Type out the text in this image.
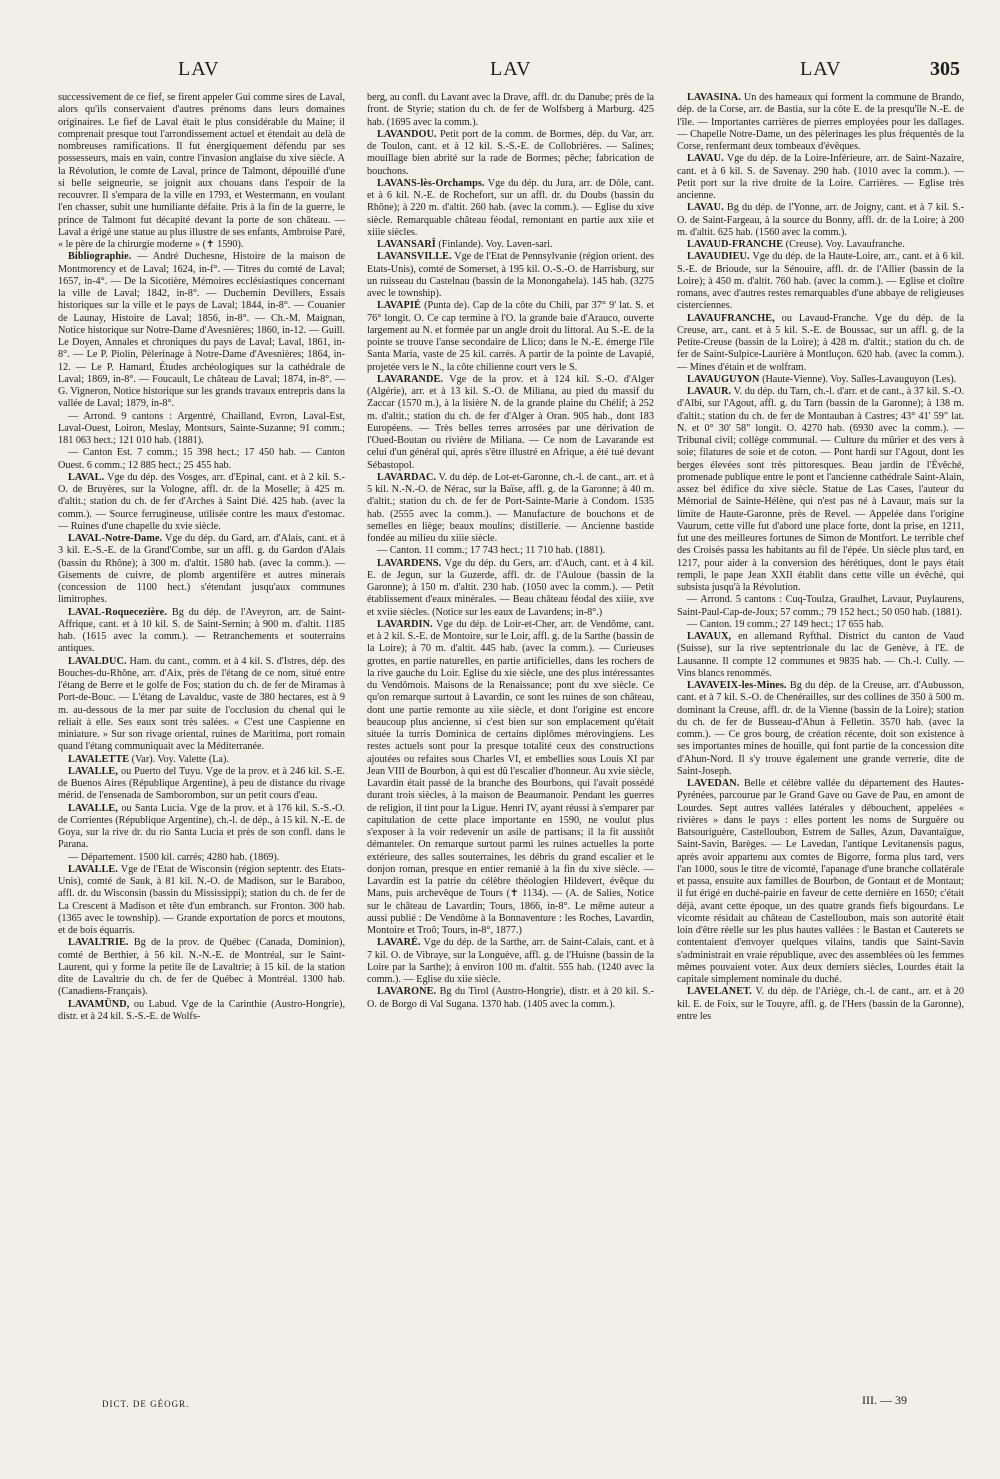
LAV	LAV	LAV	305

successivement de ce fief, se firent appeler Gui comme sires de Laval, alors qu'ils conservaient d'autres prénoms dans leurs domaines originaires. Le fief de Laval était le plus considérable du Maine; il comprenait presque tout l'arrondissement actuel et étendait au delà de nombreuses ramifications. Il fut énergiquement défendu par ses possesseurs, mais en vain, contre l'invasion anglaise du xive siècle. A la Révolution, le comte de Laval, prince de Talmont, dépouillé d'une si belle seigneurie, se joignit aux chouans dans l'espoir de la recouvrer. Il s'empara de la ville en 1793, et Westermann, en voulant l'en chasser, subit une humiliante défaite. Pris à la fin de la guerre, le prince de Talmont fut décapité devant la porte de son château. — Laval a érigé une statue au plus illustre de ses enfants, Ambroise Paré, « le père de la chirurgie moderne » (✝ 1590).

Bibliographie. — André Duchesne, Histoire de la maison de Montmorency et de Laval; 1624, in-f°. — Titres du comté de Laval; 1657, in-4°. — De la Sicotière, Mémoires ecclésiastiques concernant la ville de Laval; 1842, in-8°. — Duchemin Devillers, Essais historiques sur la ville et le pays de Laval; 1844, in-8°. — Couanier de Launay, Histoire de Laval; 1856, in-8°. — Ch.-M. Maignan, Notice historique sur Notre-Dame d'Avesnières; 1860, in-12. — Guill. Le Doyen, Annales et chroniques du pays de Laval; Laval, 1861, in-8°. — Le P. Piolin, Pèlerinage à Notre-Dame d'Avesnières; 1864, in-12. — Le P. Hamard, Études archéologiques sur la cathédrale de Laval; 1869, in-8°. — Foucault, Le château de Laval; 1874, in-8°. — G. Vigneron, Notice historique sur les grands travaux entrepris dans la vallée de Laval; 1879, in-8°.

— Arrond. 9 cantons : Argentré, Chailland, Evron, Laval-Est, Laval-Ouest, Loiron, Meslay, Montsurs, Sainte-Suzanne; 91 comm.; 181 063 hect.; 121 010 hab. (1881).

— Canton Est. 7 comm.; 15 398 hect.; 17 450 hab. — Canton Ouest. 6 comm.; 12 885 hect.; 25 455 hab.

LAVAL. Vge du dép. des Vosges, arr. d'Epinal, cant. et à 2 kil. S.-O. de Bruyères, sur la Vologne, affl. dr. de la Moselle; à 425 m. d'altit.; station du ch. de fer d'Arches à Saint Dié. 425 hab. (avec la comm.). — Source ferrugineuse, utilisée contre les maux d'estomac. — Ruines d'une chapelle du xvie siècle.

LAVAL-Notre-Dame. Vge du dép. du Gard, arr. d'Alais, cant. et à 3 kil. E.-S.-E. de la Grand'Combe, sur un affl. g. du Gardon d'Alais (bassin du Rhône); à 300 m. d'altit. 1580 hab. (avec la comm.). — Gisements de cuivre, de plomb argentifère et autres minerais (concession de 1100 hect.) s'étendant jusqu'aux communes limitrophes.

LAVAL-Roquecezière. Bg du dép. de l'Aveyron, arr. de Saint-Affrique, cant. et à 10 kil. S. de Saint-Sernin; à 900 m. d'altit. 1185 hab. (1615 avec la comm.). — Retranchements et souterrains antiques.

LAVALDUC. Ham. du cant., comm. et à 4 kil. S. d'Istres, dép. des Bouches-du-Rhône, arr. d'Aix, près de l'étang de ce nom, situé entre l'étang de Berre et le golfe de Fos; station du ch. de fer de Miramas à Port-de-Bouc. — L'étang de Lavalduc, vaste de 380 hectares, est à 9 m. au-dessous de la mer par suite de l'occlusion du chenal qui le reliait à elle. Ses eaux sont très salées. « C'est une Caspienne en miniature. » Sur son rivage oriental, ruines de Maritima, port romain quand l'étang communiquait avec la Méditerranée.

LAVALETTE (Var). Voy. Valette (La).

LAVALLE, ou Puerto del Tuyu. Vge de la prov. et à 246 kil. S.-E. de Buenos Aires (République Argentine), à peu de distance du rivage mérid. de l'ensenada de Samborombon, sur un petit cours d'eau.

LAVALLE, ou Santa Lucia. Vge de la prov. et à 176 kil. S.-S.-O. de Corrientes (République Argentine), ch.-l. de dép., à 15 kil. N.-E. de Goya, sur la rive dr. du rio Santa Lucia et près de son confl. dans le Parana.

— Département. 1500 kil. carrés; 4280 hab. (1869).

LAVALLE. Vge de l'Etat de Wisconsin (région septentr. des Etats-Unis), comté de Sauk, à 81 kil. N.-O. de Madison, sur le Baraboo, affl. dr. du Wisconsin (bassin du Mississippi); station du ch. de fer de La Crescent à Madison et tête d'un embranch. sur Fronton. 300 hab. (1365 avec le township). — Grande exportation de porcs et moutons, et de bois équarris.

LAVALTRIE. Bg de la prov. de Québec (Canada, Dominion), comté de Berthier, à 56 kil. N.-N.-E. de Montréal, sur le Saint-Laurent, qui y forme la petite île de Lavaltrie; à 15 kil. de la station dite de Lavaltrie du ch. de fer de Québec à Montréal. 1300 hab. (Canadiens-Français).

LAVAMÜND, ou Labud. Vge de la Carinthie (Austro-Hongrie), distr. et à 24 kil. S.-S.-E. de Wolfs-

berg, au confl. du Lavant avec la Drave, affl. dr. du Danube; près de la front. de Styrie; station du ch. de fer de Wolfsberg à Marburg. 425 hab. (1695 avec la comm.).

LAVANDOU. Petit port de la comm. de Bormes, dép. du Var, arr. de Toulon, cant. et à 12 kil. S.-S.-E. de Collobrières. — Salines; mouillage bien abrité sur la rade de Bormes; pêche; fabrication de bouchons.

LAVANS-lès-Orchamps. Vge du dép. du Jura, arr. de Dôle, cant. et à 6 kil. N.-E. de Rochefort, sur un affl. dr. du Doubs (bassin du Rhône); à 220 m. d'altit. 260 hab. (avec la comm.). — Eglise du xive siècle. Remarquable château féodal, remontant en partie aux xiie et xiiie siècles.

LAVANSARÎ (Finlande). Voy. Laven-sari.

LAVANSVILLE. Vge de l'Etat de Pennsylvanie (région orient. des Etats-Unis), comté de Somerset, à 195 kil. O.-S.-O. de Harrisburg, sur un ruisseau du Castelnau (bassin de la Monongahela). 145 hab. (3275 avec le township).

LAVAPIÉ (Punta de). Cap de la côte du Chili, par 37° 9' lat. S. et 76° longit. O. Ce cap termine à l'O. la grande baie d'Arauco, ouverte largement au N. et formée par un angle droit du littoral. Au S.-E. de la pointe se trouve l'anse secondaire de Llico; dans le N.-E. émerge l'île Santa Maria, vaste de 25 kil. carrés. A partir de la pointe de Lavapié, projetée vers le N., la côte chilienne court vers le S.

LAVARANDE. Vge de la prov. et à 124 kil. S.-O. d'Alger (Algérie), arr. et à 13 kil. S.-O. de Miliana, au pied du massif du Zaccar (1570 m.), à la lisière N. de la grande plaine du Chélif; à 252 m. d'altit.; station du ch. de fer d'Alger à Oran. 905 hab., dont 183 Européens. — Très belles terres arrosées par une dérivation de l'Oued-Boutan ou rivière de Miliana. — Ce nom de Lavarande est celui d'un général qui, après s'être illustré en Afrique, a été tué devant Sébastopol.

LAVARDAC. V. du dép. de Lot-et-Garonne, ch.-l. de cant., arr. et à 5 kil. N.-N.-O. de Nérac, sur la Baïse, affl. g. de la Garonne; à 40 m. d'altit.; station du ch. de fer de Port-Sainte-Marie à Condom. 1535 hab. (2555 avec la comm.). — Manufacture de bouchons et de semelles en liège; beaux moulins; distillerie. — Ancienne bastide fondée au milieu du xiiie siècle.

— Canton. 11 comm.; 17 743 hect.; 11 710 hab. (1881).

LAVARDENS. Vge du dép. du Gers, arr. d'Auch, cant. et à 4 kil. E. de Jegun, sur la Guzerde, affl. dr. de l'Auloue (bassin de la Garonne); à 150 m. d'altit. 230 hab. (1050 avec la comm.). — Petit établissement d'eaux minérales. — Beau château féodal des xiiie, xve et xviie siècles. (Notice sur les eaux de Lavardens; in-8°.)

LAVARDIN. Vge du dép. de Loir-et-Cher, arr. de Vendôme, cant. et à 2 kil. S.-E. de Montoire, sur le Loir, affl. g. de la Sarthe (bassin de la Loire); à 70 m. d'altit. 445 hab. (avec la comm.). — Curieuses grottes, en partie naturelles, en partie artificielles, dans les rochers de la rive gauche du Loir. Eglise du xie siècle, une des plus intéressantes du Vendômois. Maisons de la Renaissance; pont du xve siècle. Ce qu'on remarque surtout à Lavardin, ce sont les ruines de son château, dont une partie remonte au xiie siècle, et dont l'origine est encore beaucoup plus ancienne, si c'est bien sur son emplacement qu'était située la turris Dominica de certains diplômes mérovingiens. Les restes actuels sont pour la presque totalité ceux des constructions ajoutées ou refaites sous Charles VI, et embellies sous Louis XI par Jean VIII de Bourbon, à qui est dû l'escalier d'honneur. Au xvie siècle, Lavardin était passé de la branche des Bourbons, qui l'avait possédé durant trois siècles, à la maison de Beaumanoir. Pendant les guerres de religion, il tint pour la Ligue. Henri IV, ayant réussi à s'emparer par capitulation de cette place importante en 1590, ne voulut plus s'exposer à la voir redevenir un asile de partisans; il la fit aussitôt démanteler. On remarque surtout parmi les ruines actuelles la porte extérieure, des salles souterraines, les débris du grand escalier et le donjon roman, presque en entier remanié à la fin du xive siècle. — Lavardin est la patrie du célèbre théologien Hildevert, évêque du Mans, puis archevêque de Tours (✝ 1134). — (A. de Salies, Notice sur le château de Lavardin; Tours, 1866, in-8°. Le même auteur a aussi publié : De Vendôme à la Bonnaventure : les Roches, Lavardin, Montoire et Troô; Tours, in-8°, 1877.)

LAVARÉ. Vge du dép. de la Sarthe, arr. de Saint-Calais, cant. et à 7 kil. O. de Vibraye, sur la Longuève, affl. g. de l'Huisne (bassin de la Loire par la Sarthe); à environ 100 m. d'altit. 555 hab. (1240 avec la comm.). — Eglise du xiie siècle.

LAVARONE. Bg du Tirol (Austro-Hongrie), distr. et à 20 kil. S.-O. de Borgo di Val Sugana. 1370 hab. (1405 avec la comm.).

LAVASINA. Un des hameaux qui forment la commune de Brando, dép. de la Corse, arr. de Bastia, sur la côte E. de la presqu'île N.-E. de l'île. — Importantes carrières de pierres employées pour les dallages. — Chapelle Notre-Dame, un des pèlerinages les plus fréquentés de la Corse, renfermant deux tombeaux d'évêques.

LAVAU. Vge du dép. de la Loire-Inférieure, arr. de Saint-Nazaire, cant. et à 6 kil. S. de Savenay. 290 hab. (1010 avec la comm.). — Petit port sur la rive droite de la Loire. Carrières. — Eglise très ancienne.

LAVAU. Bg du dép. de l'Yonne, arr. de Joigny, cant. et à 7 kil. S.-O. de Saint-Fargeau, à la source du Bonny, affl. dr. de la Loire; à 200 m. d'altit. 625 hab. (1560 avec la comm.).

LAVAUD-FRANCHE (Creuse). Voy. Lavaufranche.

LAVAUDIEU. Vge du dép. de la Haute-Loire, arr., cant. et à 6 kil. S.-E. de Brioude, sur la Sénouire, affl. dr. de l'Allier (bassin de la Loire); à 450 m. d'altit. 760 hab. (avec la comm.). — Eglise et cloître romans, avec d'autres restes remarquables d'une abbaye de religieuses cisterciennes.

LAVAUFRANCHE, ou Lavaud-Franche. Vge du dép. de la Creuse, arr., cant. et à 5 kil. S.-E. de Boussac, sur un affl. g. de la Petite-Creuse (bassin de la Loire); à 428 m. d'altit.; station du ch. de fer de Saint-Sulpice-Laurière à Montluçon. 620 hab. (avec la comm.). — Mines d'étain et de wolfram.

LAVAUGUYON (Haute-Vienne). Voy. Salles-Lavauguyon (Les).

LAVAUR. V. du dép. du Tarn, ch.-l. d'arr. et de cant., à 37 kil. S.-O. d'Albi, sur l'Agout, affl. g. du Tarn (bassin de la Garonne); à 138 m. d'altit.; station du ch. de fer de Montauban à Castres; 43° 41' 59" lat. N. et 0° 30' 58" longit. O. 4270 hab. (6930 avec la comm.). — Tribunal civil; collège communal. — Culture du mûrier et des vers à soie; filatures de soie et de coton. — Pont hardi sur l'Agout, dont les berges élevées sont très pittoresques. Beau jardin de l'Évêché, promenade publique entre le pont et l'ancienne cathédrale Saint-Alain, assez bel édifice du xive siècle. Statue de Las Cases, l'auteur du Mémorial de Sainte-Hélène, qui n'est pas né à Lavaur, mais sur la limite de Haute-Garonne, près de Revel. — Appelée dans l'origine Vaurum, cette ville fut d'abord une place forte, dont la prise, en 1211, fut une des meilleures fortunes de Simon de Montfort. Le terrible chef des Croisés passa les habitants au fil de l'épée. Un siècle plus tard, en 1217, pour aider à la conversion des hérétiques, dont le pays était rempli, le pape Jean XXII établit dans cette ville un évêché, qui subsista jusqu'à la Révolution.

— Arrond. 5 cantons : Cuq-Toulza, Graulhet, Lavaur, Puylaurens, Saint-Paul-Cap-de-Joux; 57 comm.; 79 152 hect.; 50 050 hab. (1881).

— Canton. 19 comm.; 27 149 hect.; 17 655 hab.

LAVAUX, en allemand Ryfthal. District du canton de Vaud (Suisse), sur la rive septentrionale du lac de Genève, à l'E. de Lausanne. Il compte 12 communes et 9835 hab. — Ch.-l. Cully. — Vins blancs renommés.

LAVAVEIX-les-Mines. Bg du dép. de la Creuse, arr. d'Aubusson, cant. et à 7 kil. S.-O. de Chenérailles, sur des collines de 350 à 500 m. dominant la Creuse, affl. dr. de la Vienne (bassin de la Loire); station du ch. de fer de Busseau-d'Ahun à Felletin. 3570 hab. (avec la comm.). — Ce gros bourg, de création récente, doit son existence à ses importantes mines de houille, qui font partie de la concession dite d'Ahun-Nord. Il s'y trouve également une grande verrerie, dite de Saint-Joseph.

LAVEDAN. Belle et célèbre vallée du département des Hautes-Pyrénées, parcourue par le Grand Gave ou Gave de Pau, en amont de Lourdes. Sept autres vallées latérales y débouchent, appelées « rivières » dans le pays : elles portent les noms de Surguère ou Batsouriguère, Castelloubon, Estrem de Salles, Azun, Davantaïgue, Saint-Savin, Barèges. — Le Lavedan, l'antique Levitanensis pagus, après avoir appartenu aux comtes de Bigorre, forma plus tard, vers l'an 1000, sous le titre de vicomté, l'apanage d'une branche collatérale et passa, ensuite aux familles de Bourbon, de Gontaut et de Montaut; il fut érigé en duché-pairie en faveur de cette dernière en 1650; c'était déjà, avant cette époque, un des quatre grands fiefs bigourdans. Le vicomte résidait au château de Castelloubon, mais son autorité était loin d'être réelle sur les plus hautes vallées : le Bastan et Cauterets se contentaient d'envoyer quelques vilains, tandis que Saint-Savin s'administrait en vraie république, avec des assemblées où les femmes mêmes pouvaient voter. Aux deux derniers siècles, Lourdes était la capitale simplement nominale du duché.

LAVELANET. V. du dép. de l'Ariège, ch.-l. de cant., arr. et à 20 kil. E. de Foix, sur le Touyre, affl. g. de l'Hers (bassin de la Garonne), entre les

DICT. DE GÉOGR.	III. — 39
